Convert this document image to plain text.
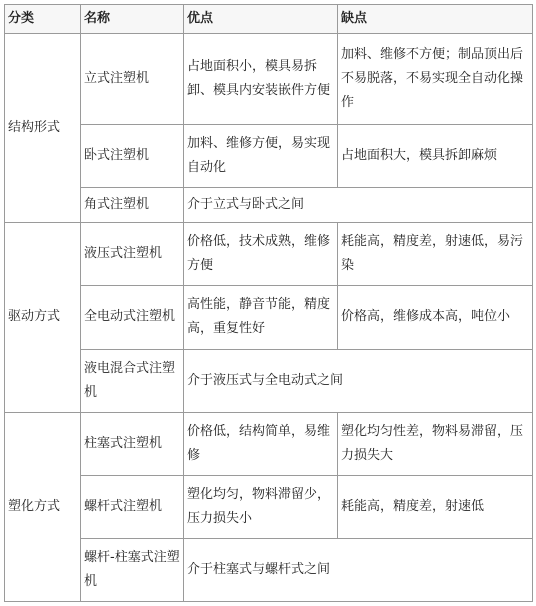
分类	名称	优点	缺点
结构形式	立式注塑机	占地面积小，模具易拆卸、模具内安装嵌件方便	加料、维修不方便；制品顶出后不易脱落，不易实现全自动化操作
	卧式注塑机	加料、维修方便，易实现自动化	占地面积大，模具拆卸麻烦
	角式注塑机	介于立式与卧式之间	
驱动方式	液压式注塑机	价格低，技术成熟，维修方便	耗能高，精度差，射速低，易污染
	全电动式注塑机	高性能，静音节能，精度高，重复性好	价格高，维修成本高，吨位小
	液电混合式注塑机	介于液压式与全电动式之间	
塑化方式	柱塞式注塑机	价格低，结构简单，易维修	塑化均匀性差，物料易滞留，压力损失大
	螺杆式注塑机	塑化均匀，物料滞留少，压力损失小	耗能高，精度差，射速低
	螺杆-柱塞式注塑机	介于柱塞式与螺杆式之间	
